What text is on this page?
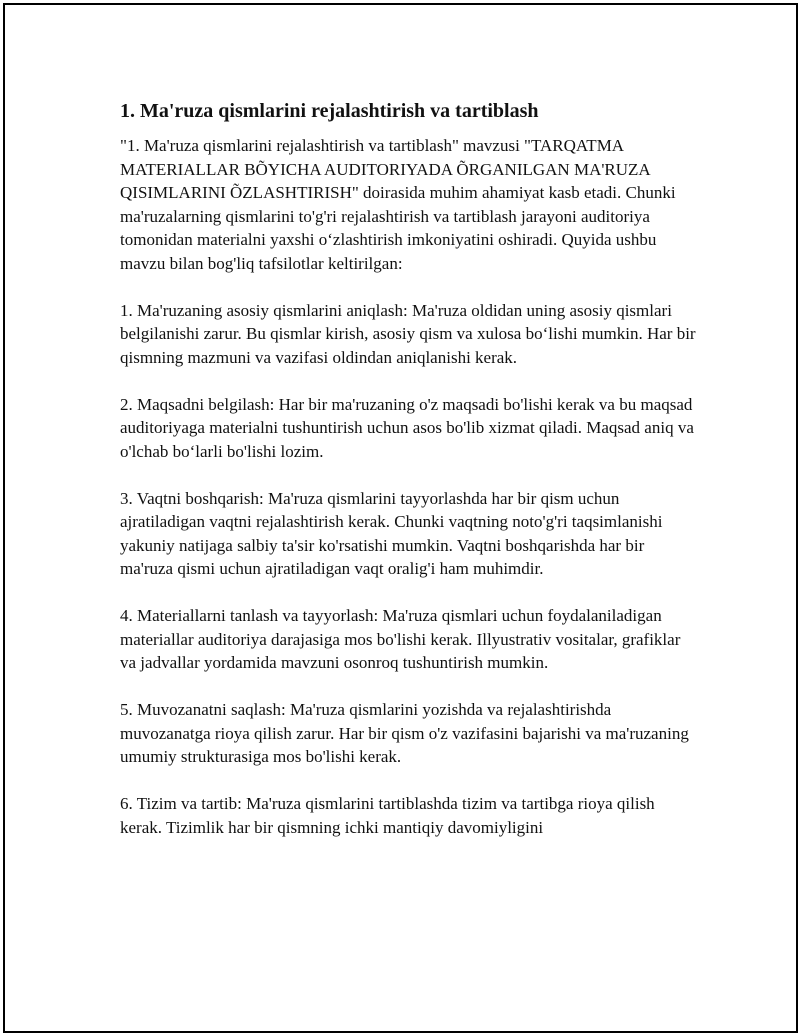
1. Ma'ruza qismlarini rejalashtirish va tartiblash

"1. Ma'ruza qismlarini rejalashtirish va tartiblash" mavzusi "TARQATMA MATERIALLAR BÕYICHA AUDITORIYADA ÕRGANILGAN MA'RUZA QISIMLARINI ÕZLASHTIRISH" doirasida muhim ahamiyat kasb etadi. Chunki ma'ruzalarning qismlarini to'g'ri rejalashtirish va tartiblash jarayoni auditoriya tomonidan materialni yaxshi o‘zlashtirish imkoniyatini oshiradi. Quyida ushbu mavzu bilan bog'liq tafsilotlar keltirilgan:

1. Ma'ruzaning asosiy qismlarini aniqlash: Ma'ruza oldidan uning asosiy qismlari belgilanishi zarur. Bu qismlar kirish, asosiy qism va xulosa bo‘lishi mumkin. Har bir qismning mazmuni va vazifasi oldindan aniqlanishi kerak.

2. Maqsadni belgilash: Har bir ma'ruzaning o'z maqsadi bo'lishi kerak va bu maqsad auditoriyaga materialni tushuntirish uchun asos bo'lib xizmat qiladi. Maqsad aniq va o'lchab bo‘larli bo'lishi lozim.

3. Vaqtni boshqarish: Ma'ruza qismlarini tayyorlashda har bir qism uchun ajratiladigan vaqtni rejalashtirish kerak. Chunki vaqtning noto'g'ri taqsimlanishi yakuniy natijaga salbiy ta'sir ko'rsatishi mumkin. Vaqtni boshqarishda har bir ma'ruza qismi uchun ajratiladigan vaqt oralig'i ham muhimdir.

4. Materiallarni tanlash va tayyorlash: Ma'ruza qismlari uchun foydalaniladigan materiallar auditoriya darajasiga mos bo'lishi kerak. Illyustrativ vositalar, grafiklar va jadvallar yordamida mavzuni osonroq tushuntirish mumkin.

5. Muvozanatni saqlash: Ma'ruza qismlarini yozishda va rejalashtirishda muvozanatga rioya qilish zarur. Har bir qism o'z vazifasini bajarishi va ma'ruzaning umumiy strukturasiga mos bo'lishi kerak.

6. Tizim va tartib: Ma'ruza qismlarini tartiblashda tizim va tartibga rioya qilish kerak. Tizimlik har bir qismning ichki mantiqiy davomiyligini
